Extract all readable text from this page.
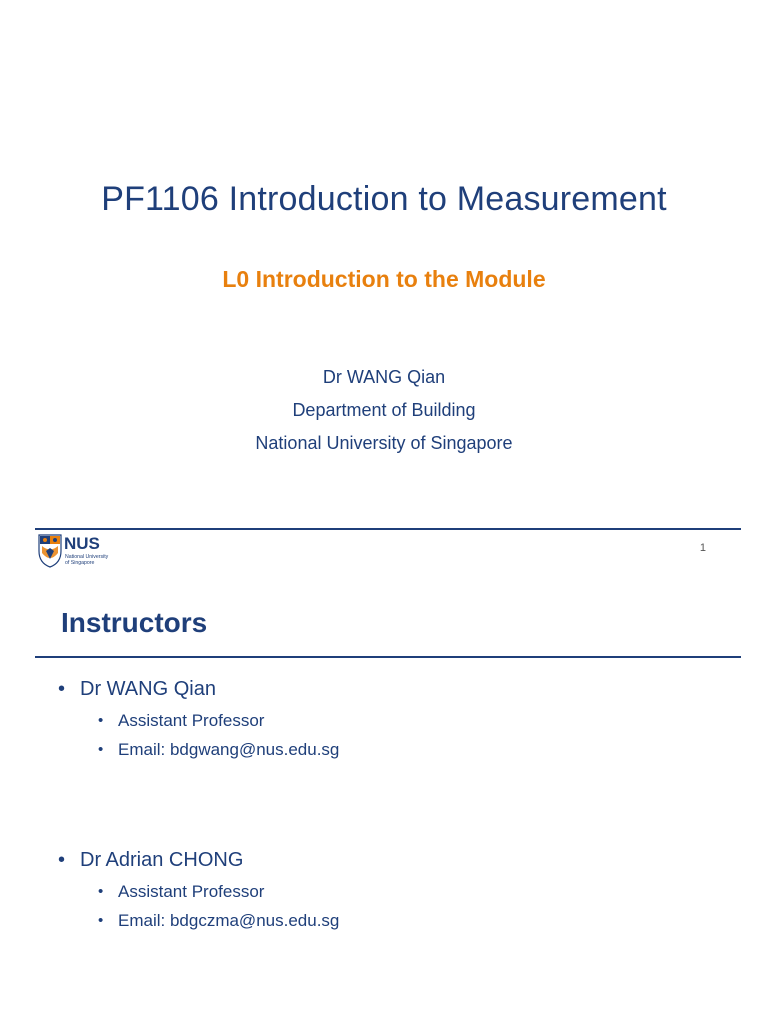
PF1106 Introduction to Measurement
L0 Introduction to the Module
Dr WANG Qian
Department of Building
National University of Singapore
NUS
National University
of Singapore
1
Instructors
• Dr WANG Qian
• Assistant Professor
• Email: bdgwang@nus.edu.sg
• Dr Adrian CHONG
• Assistant Professor
• Email: bdgczma@nus.edu.sg
